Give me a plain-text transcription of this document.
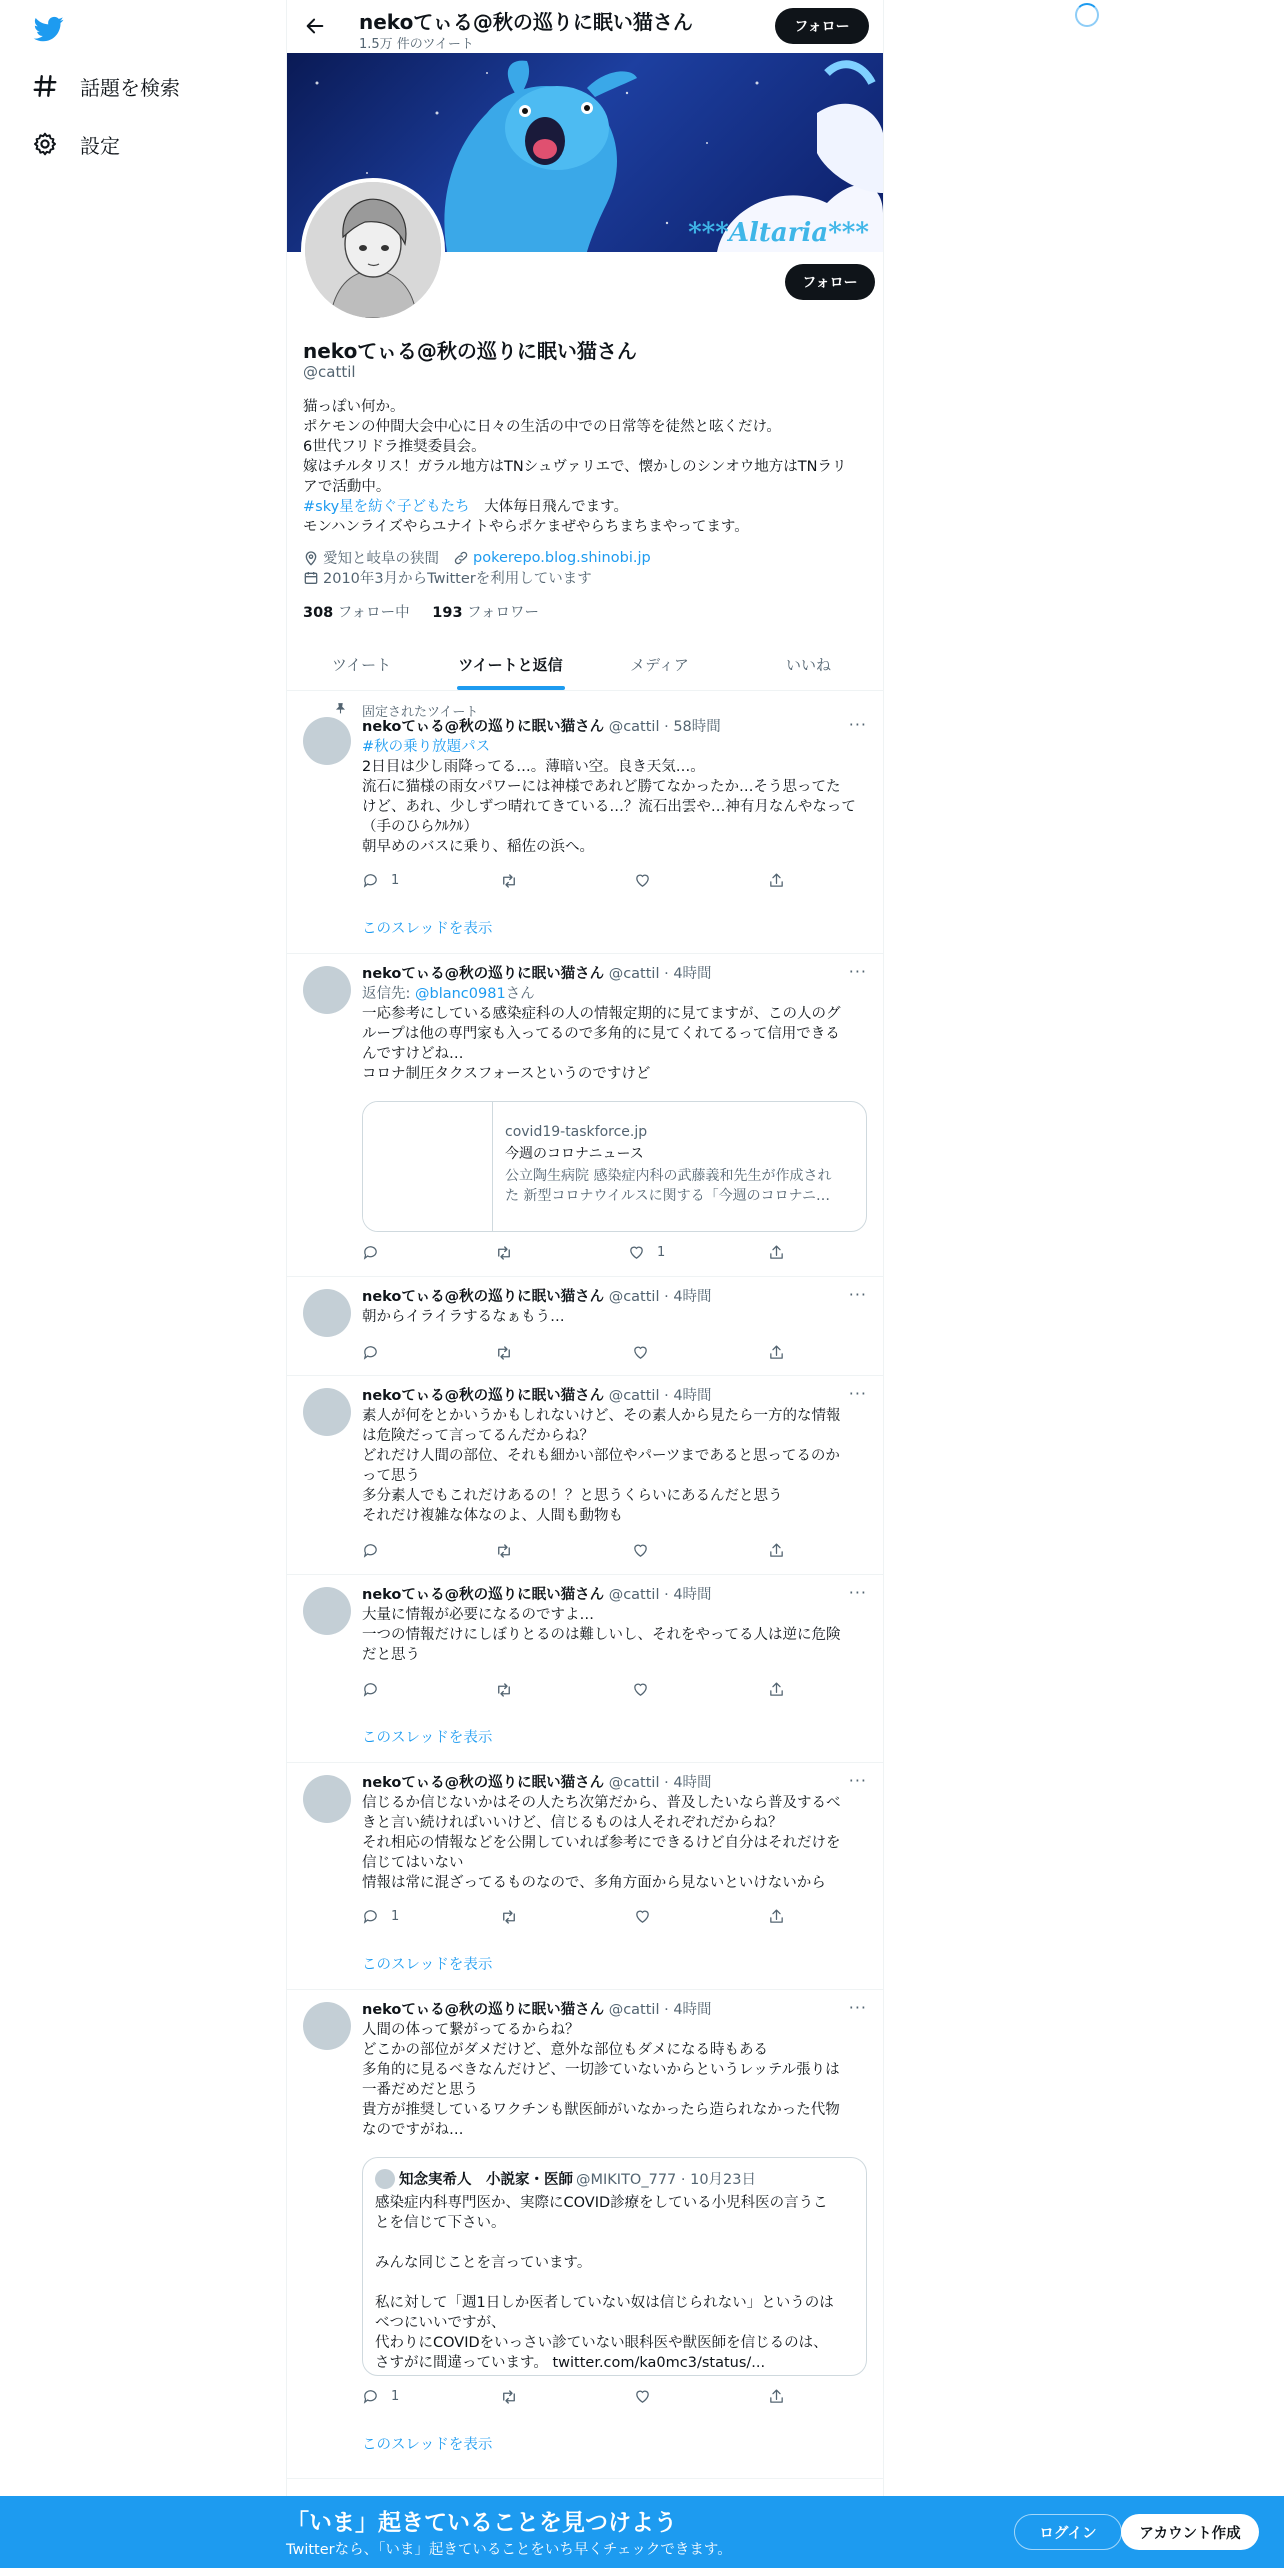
話題を検索
設定
nekoてぃる@秋の巡りに眠い猫さん
1.5万 件のツイート
フォロー
***Altaria***
フォロー
nekoてぃる@秋の巡りに眠い猫さん
@cattil
猫っぽい何か。
ポケモンの仲間大会中心に日々の生活の中での日常等を徒然と呟くだけ。
6世代フリドラ推奨委員会。
嫁はチルタリス！ガラル地方はTNシュヴァリエで、懐かしのシンオウ地方はTNラリ
アで活動中。
#sky星を紡ぐ子どもたち　大体毎日飛んでます。
モンハンライズやらユナイトやらポケまぜやらちまちまやってます。
愛知と岐阜の狭間 pokerepo.blog.shinobi.jp
2010年3月からTwitterを利用しています
308 フォロー中 193 フォロワー
ツイート	ツイートと返信	メディア	いいね
固定されたツイート
nekoてぃる@秋の巡りに眠い猫さん @cattil · 58時間	···
#秋の乗り放題パス
2日目は少し雨降ってる…。薄暗い空。良き天気…。
流石に猫様の雨女パワーには神様であれど勝てなかったか…そう思ってた
けど、あれ、少しずつ晴れてきている…？流石出雲や…神有月なんやなって
（手のひらｸﾙｸﾙ）
朝早めのバスに乗り、稲佐の浜へ。
1
このスレッドを表示
nekoてぃる@秋の巡りに眠い猫さん @cattil · 4時間	···
返信先: @blanc0981さん
一応参考にしている感染症科の人の情報定期的に見てますが、この人のグ
ループは他の専門家も入ってるので多角的に見てくれてるって信用できる
んですけどね…
コロナ制圧タクスフォースというのですけど
covid19-taskforce.jp
今週のコロナニュース
公立陶生病院 感染症内科の武藤義和先生が作成され
た 新型コロナウイルスに関する「今週のコロナニ…
1
nekoてぃる@秋の巡りに眠い猫さん @cattil · 4時間	···
朝からイライラするなぁもう…
nekoてぃる@秋の巡りに眠い猫さん @cattil · 4時間	···
素人が何をとかいうかもしれないけど、その素人から見たら一方的な情報
は危険だって言ってるんだからね？
どれだけ人間の部位、それも細かい部位やパーツまであると思ってるのか
って思う
多分素人でもこれだけあるの！？と思うくらいにあるんだと思う
それだけ複雑な体なのよ、人間も動物も
nekoてぃる@秋の巡りに眠い猫さん @cattil · 4時間	···
大量に情報が必要になるのですよ…
一つの情報だけにしぼりとるのは難しいし、それをやってる人は逆に危険
だと思う
このスレッドを表示
nekoてぃる@秋の巡りに眠い猫さん @cattil · 4時間	···
信じるか信じないかはその人たち次第だから、普及したいなら普及するべ
きと言い続ければいいけど、信じるものは人それぞれだからね？
それ相応の情報などを公開していれば参考にできるけど自分はそれだけを
信じてはいない
情報は常に混ざってるものなので、多角方面から見ないといけないから
1
このスレッドを表示
nekoてぃる@秋の巡りに眠い猫さん @cattil · 4時間	···
人間の体って繋がってるからね？
どこかの部位がダメだけど、意外な部位もダメになる時もある
多角的に見るべきなんだけど、一切診ていないからというレッテル張りは
一番だめだと思う
貴方が推奨しているワクチンも獣医師がいなかったら造られなかった代物
なのですがね…
知念実希人　小説家・医師 @MIKITO_777 · 10月23日
感染症内科専門医か、実際にCOVID診療をしている小児科医の言うこ
とを信じて下さい。
みんな同じことを言っています。
私に対して「週1日しか医者していない奴は信じられない」というのは
べつにいいですが、
代わりにCOVIDをいっさい診ていない眼科医や獣医師を信じるのは、
さすがに間違っています。 twitter.com/ka0mc3/status/...
1
このスレッドを表示
「いま」起きていることを見つけよう
Twitterなら、「いま」起きていることをいち早くチェックできます。
ログイン	アカウント作成
